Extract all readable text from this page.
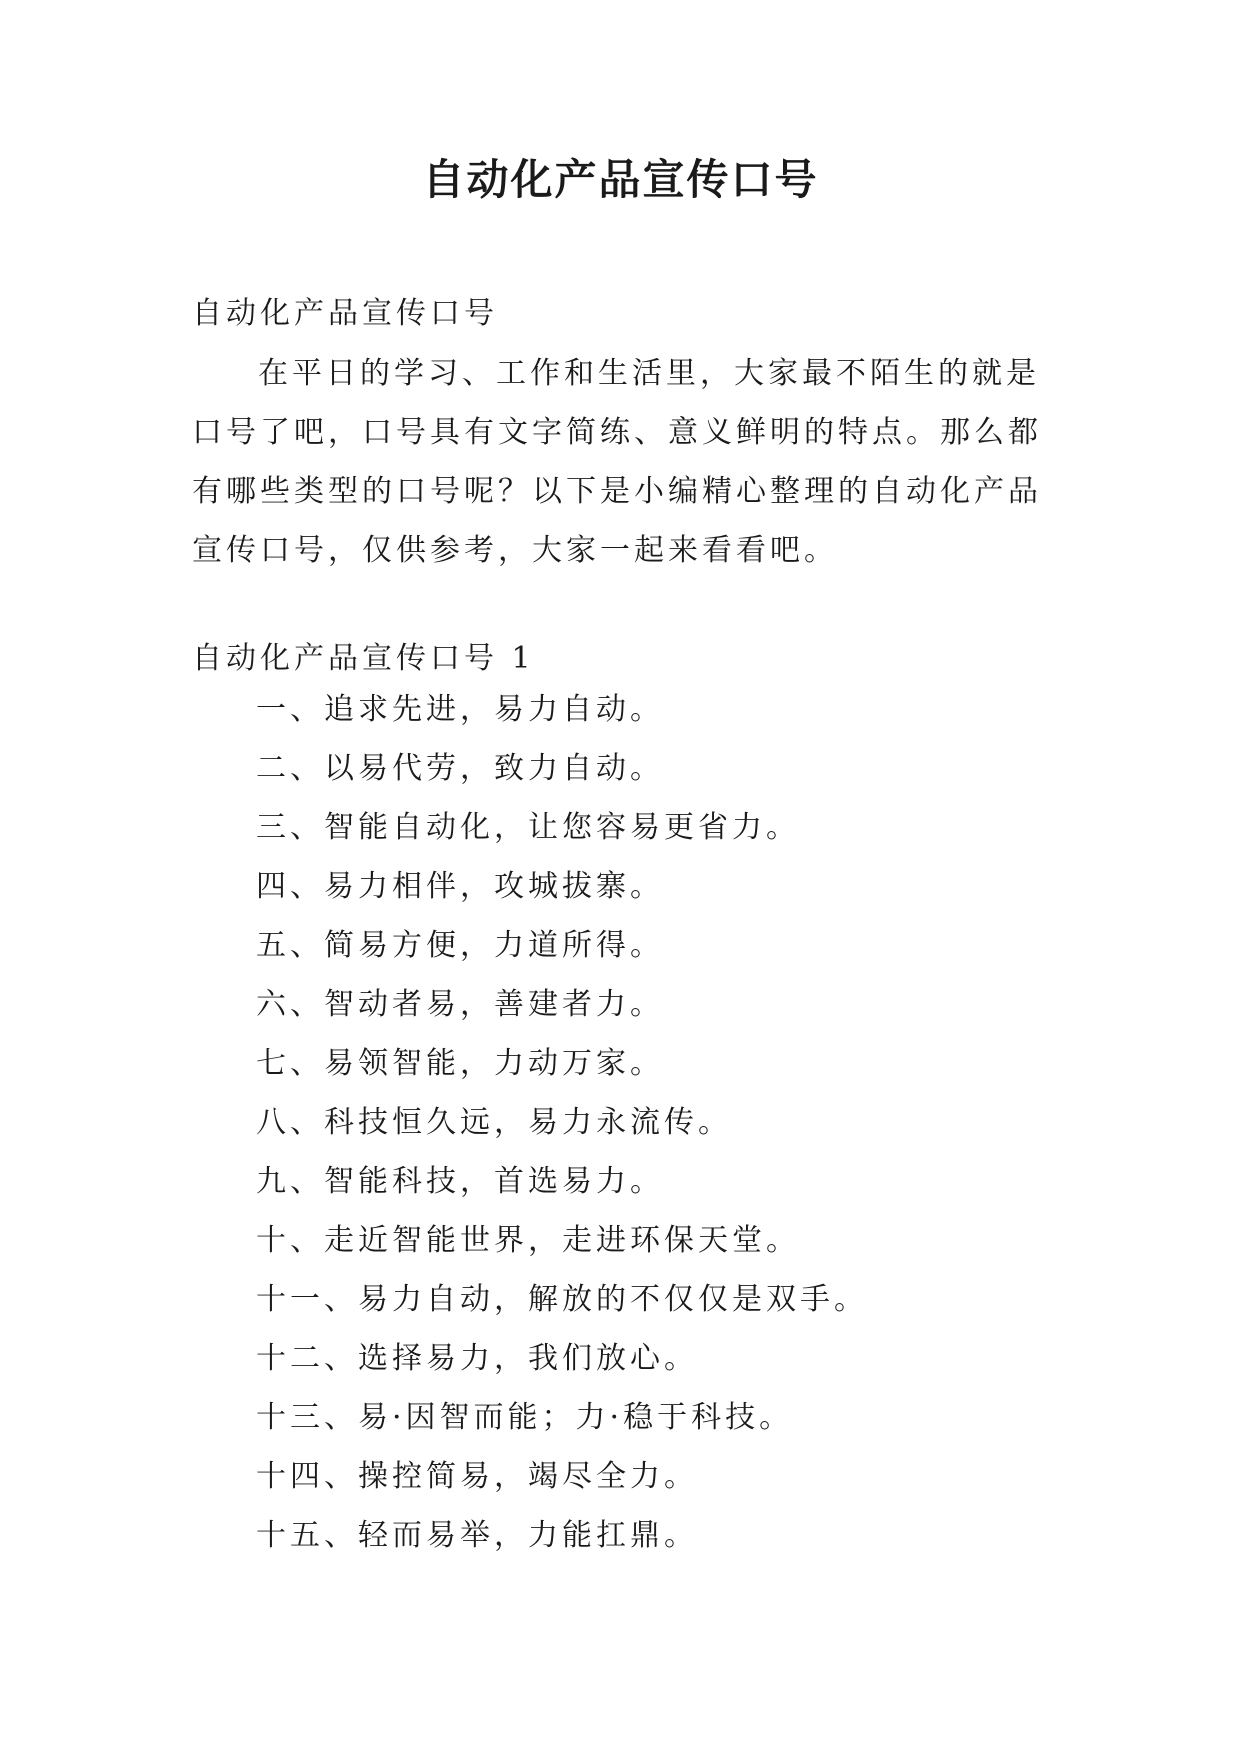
自动化产品宣传口号
自动化产品宣传口号

在平日的学习、工作和生活里，大家最不陌生的就是口号了吧，口号具有文字简练、意义鲜明的特点。那么都有哪些类型的口号呢？以下是小编精心整理的自动化产品宣传口号，仅供参考，大家一起来看看吧。

自动化产品宣传口号 1
一、追求先进，易力自动。
二、以易代劳，致力自动。
三、智能自动化，让您容易更省力。
四、易力相伴，攻城拔寨。
五、简易方便，力道所得。
六、智动者易，善建者力。
七、易领智能，力动万家。
八、科技恒久远，易力永流传。
九、智能科技，首选易力。
十、走近智能世界，走进环保天堂。
十一、易力自动，解放的不仅仅是双手。
十二、选择易力，我们放心。
十三、易·因智而能；力·稳于科技。
十四、操控简易，竭尽全力。
十五、轻而易举，力能扛鼎。
